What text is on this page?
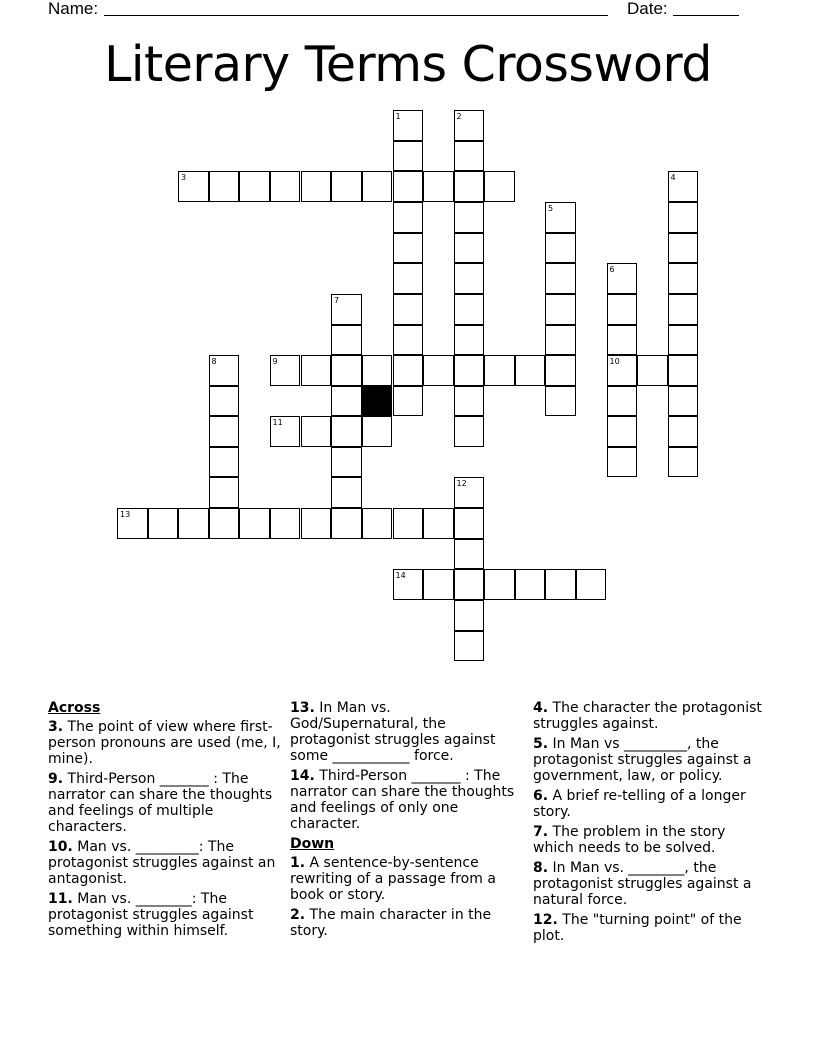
Name:	Date:
Literary Terms Crossword
1	2
3	4
5
6
7
8	9	10
11
12
13
14
Across
3. The point of view where first-person pronouns are used (me, I, mine).
9. Third-Person _______ : The narrator can share the thoughts and feelings of multiple characters.
10. Man vs. _________: The protagonist struggles against an antagonist.
11. Man vs. ________: The protagonist struggles against something within himself.
13. In Man vs. God/Supernatural, the protagonist struggles against some ___________ force.
14. Third-Person _______ : The narrator can share the thoughts and feelings of only one character.
Down
1. A sentence-by-sentence rewriting of a passage from a book or story.
2. The main character in the story.
4. The character the protagonist struggles against.
5. In Man vs _________, the protagonist struggles against a government, law, or policy.
6. A brief re-telling of a longer story.
7. The problem in the story which needs to be solved.
8. In Man vs. ________, the protagonist struggles against a natural force.
12. The "turning point" of the plot.
